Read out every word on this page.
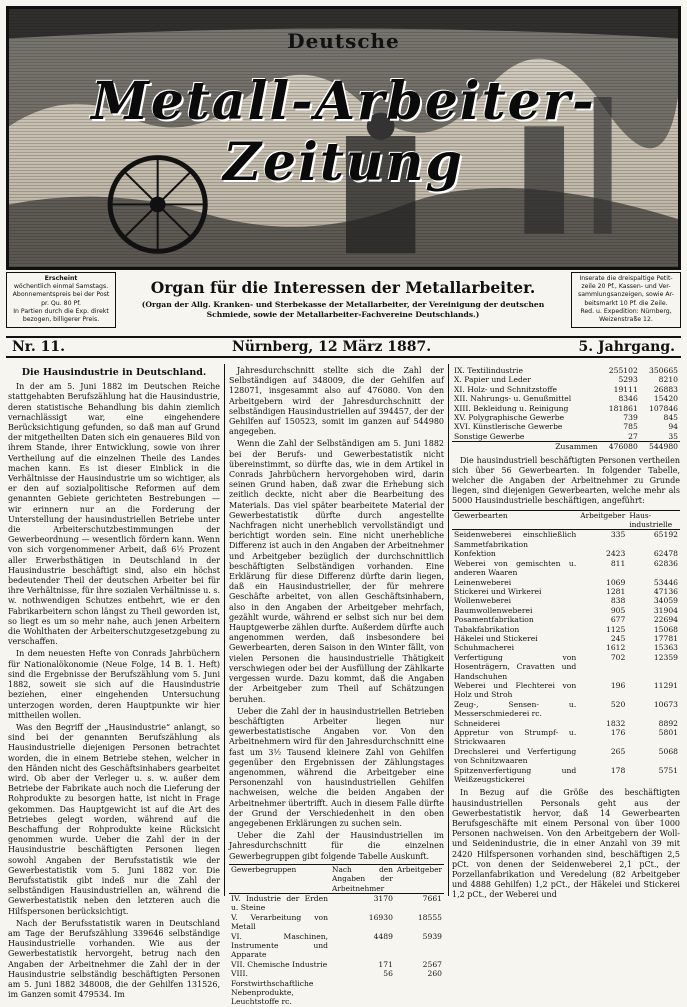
Deutsche
Metall-Arbeiter-Zeitung
Erscheint
wöchentlich einmal Samstags.
Abonnementspreis bei der Post
pr. Qu. 80 Pf.
In Partien durch die Exp. direkt
bezogen, billigerer Preis.
Organ für die Interessen der Metallarbeiter.
(Organ der Allg. Kranken- und Sterbekasse der Metallarbeiter, der Vereinigung der deutschen Schmiede, sowie der Metallarbeiter-Fachvereine Deutschlands.)
Inserate die dreispaltige Petit-
zeile 20 Pf., Kassen- und Ver-
sammlungsanzeigen, sowie Ar-
beitsmarkt 10 Pf. die Zeile.
Red. u. Expedition: Nürnberg,
Weizenstraße 12.
Nr. 11.	Nürnberg, 12 März 1887.	5. Jahrgang.
Die Hausindustrie in Deutschland.

In der am 5. Juni 1882 im Deutschen Reiche stattgehabten Berufszählung hat die Hausindustrie, deren statistische Behandlung bis dahin ziemlich vernachlässigt war, eine eingehendere Berücksichtigung gefunden, so daß man auf Grund der mitgetheilten Daten sich ein genaueres Bild von ihrem Stande, ihrer Entwicklung, sowie von ihrer Vertheilung auf die einzelnen Theile des Landes machen kann. Es ist dieser Einblick in die Verhältnisse der Hausindustrie um so wichtiger, als er den auf sozialpolitische Reformen auf dem genannten Gebiete gerichteten Bestrebungen — wir erinnern nur an die Forderung der Unterstellung der hausindustriellen Betriebe unter die Arbeiterschutzbestimmungen der Gewerbeordnung — wesentlich fördern kann. Wenn von sich vorgenommener Arbeit, daß 6½ Prozent aller Erwerbsthätigen in Deutschland in der Hausindustrie beschäftigt sind, also ein höchst bedeutender Theil der deutschen Arbeiter bei für ihre Verhältnisse, für ihre sozialen Verhältnisse u. s. w. nothwendigen Schutzes entbehrt, wie er den Fabrikarbeitern schon längst zu Theil geworden ist, so liegt es um so mehr nahe, auch jenen Arbeitern die Wohlthaten der Arbeiterschutzgesetzgebung zu verschaffen.

In dem neuesten Hefte von Conrads Jahrbüchern für Nationalökonomie (Neue Folge, 14 B. 1. Heft) sind die Ergebnisse der Berufszählung vom 5. Juni 1882, soweit sie sich auf die Hausindustrie beziehen, einer eingehenden Untersuchung unterzogen worden, deren Hauptpunkte wir hier mittheilen wollen.

Was den Begriff der „Hausindustrie“ anlangt, so sind bei der genannten Berufszählung als Hausindustrielle diejenigen Personen betrachtet worden, die in einem Betriebe stehen, welcher in den Händen nicht des Geschäftsinhabers gearbeitet wird. Ob aber der Verleger u. s. w. außer dem Betriebe der Fabrikate auch noch die Lieferung der Rohprodukte zu besorgen hatte, ist nicht in Frage gekommen. Das Hauptgewicht ist auf die Art des Betriebes gelegt worden, während auf die Beschaffung der Rohprodukte keine Rücksicht genommen wurde. Ueber die Zahl der in der Hausindustrie beschäftigten Personen liegen sowohl Angaben der Berufsstatistik wie der Gewerbestatistik vom 5. Juni 1882 vor. Die Berufsstatistik gibt indeß nur die Zahl der selbständigen Hausindustriellen an, während die Gewerbestatistik neben den letzteren auch die Hilfspersonen berücksichtigt.

Nach der Berufsstatistik waren in Deutschland am Tage der Berufszählung 339646 selbständige Hausindustrielle vorhanden. Wie aus der Gewerbestatistik hervorgeht, betrug nach den Angaben der Arbeitnehmer die Zahl der in der Hausindustrie selbständig beschäftigten Personen am 5. Juni 1882 348008, die der Gehilfen 131526, im Ganzen somit 479534. Im

Jahresdurchschnitt stellte sich die Zahl der Selbständigen auf 348009, die der Gehilfen auf 128071, insgesammt also auf 476080. Von den Arbeitgebern wird der Jahresdurchschnitt der selbständigen Hausindustriellen auf 394457, der der Gehilfen auf 150523, somit im ganzen auf 544980 angegeben.

Wenn die Zahl der Selbständigen am 5. Juni 1882 bei der Berufs- und Gewerbestatistik nicht übereinstimmt, so dürfte das, wie in dem Artikel in Conrads Jahrbüchern hervorgehoben wird, darin seinen Grund haben, daß zwar die Erhebung sich zeitlich deckte, nicht aber die Bearbeitung des Materials. Das viel später bearbeitete Material der Gewerbestatistik dürfte durch angestellte Nachfragen nicht unerheblich vervollständigt und berichtigt worden sein. Eine nicht unerhebliche Differenz ist auch in den Angaben der Arbeitnehmer und Arbeitgeber bezüglich der durchschnittlich beschäftigten Selbständigen vorhanden. Eine Erklärung für diese Differenz dürfte darin liegen, daß ein Hausindustrieller, der für mehrere Geschäfte arbeitet, von allen Geschäftsinhabern, also in den Angaben der Arbeitgeber mehrfach, gezählt wurde, während er selbst sich nur bei dem Hauptgewerbe zählen durfte. Außerdem dürfte auch angenommen werden, daß insbesondere bei Gewerbearten, deren Saison in den Winter fällt, von vielen Personen die hausindustrielle Thätigkeit verschwiegen oder bei der Ausfüllung der Zählkarte vergessen wurde. Dazu kommt, daß die Angaben der Arbeitgeber zum Theil auf Schätzungen beruhen.

Ueber die Zahl der in hausindustriellen Betrieben beschäftigten Arbeiter liegen nur gewerbestatistische Angaben vor. Von den Arbeitnehmern wird für den Jahresdurchschnitt eine fast um 3½ Tausend kleinere Zahl von Gehilfen gegenüber den Ergebnissen der Zählungstages angenommen, während die Arbeitgeber eine Personenzahl von hausindustriellen Gehilfen nachweisen, welche die beiden Angaben der Arbeitnehmer übertrifft. Auch in diesem Falle dürfte der Grund der Verschiedenheit in den oben angegebenen Erklärungen zu suchen sein.

Ueber die Zahl der Hausindustriellen im Jahresdurchschnitt für die einzelnen Gewerbegruppen gibt folgende Tabelle Auskunft.

Gewerbegruppen	Nach den Angaben der Arbeitnehmer	Arbeitgeber
IV. Industrie der Erden u. Steine	3170	7661
V. Verarbeitung von Metall	16930	18555
VI. Maschinen, Instrumente und Apparate	4489	5939
VII. Chemische Industrie	171	2567
VIII. Forstwirthschaftliche Nebenprodukte, Leuchtstoffe rc.	56	260
IX. Textilindustrie	255102	350665
X. Papier und Leder	5293	8210
XI. Holz- und Schnitzstoffe	19111	26883
XII. Nahrungs- u. Genußmittel	8346	15420
XIII. Bekleidung u. Reinigung	181861	107846
XV. Polygraphische Gewerbe	739	845
XVI. Künstlerische Gewerbe	785	94
Sonstige Gewerbe	27	35
Zusammen	476080	544980

Die hausindustriell beschäftigten Personen vertheilen sich über 56 Gewerbearten. In folgender Tabelle, welcher die Angaben der Arbeitnehmer zu Grunde liegen, sind diejenigen Gewerbearten, welche mehr als 5000 Hausindustrielle beschäftigen, angeführt:

Gewerbearten	Arbeitgeber	Haus-industrielle
Seidenweberei einschließlich Sammetfabrikation	335	65192
Konfektion	2423	62478
Weberei von gemischten u. anderen Waaren	811	62836
Leinenweberei	1069	53446
Stickerei und Wirkerei	1281	47136
Wollenweberei	838	34059
Baumwollenweberei	905	31904
Posamentfabrikation	677	22694
Tabakfabrikation	1125	15068
Häkelei und Stickerei	245	17781
Schuhmacherei	1612	15363
Verfertigung von Hosenträgern, Cravatten und Handschuhen	702	12359
Weberei und Flechterei von Holz und Stroh	196	11291
Zeug-, Sensen- u. Messerschmiederei rc.	520	10673
Schneiderei	1832	8892
Appretur von Strumpf- u. Strickwaaren	176	5801
Drechslerei und Verfertigung von Schnitzwaaren	265	5068
Spitzenverfertigung und Weißzeugstickerei	178	5751

In Bezug auf die Größe des beschäftigten hausindustriellen Personals geht aus der Gewerbestatistik hervor, daß 14 Gewerbearten Berufsgeschäfte mit einem Personal von über 1000 Personen nachweisen. Von den Arbeitgebern der Woll- und Seidenindustrie, die in einer Anzahl von 39 mit 2420 Hilfspersonen vorhanden sind, beschäftigen 2,5 pCt. von denen der Seidenweberei 2,1 pCt., der Porzellanfabrikation und Veredelung (82 Arbeitgeber und 4888 Gehilfen) 1,2 pCt., der Häkelei und Stickerei 1,2 pCt., der Weberei und
